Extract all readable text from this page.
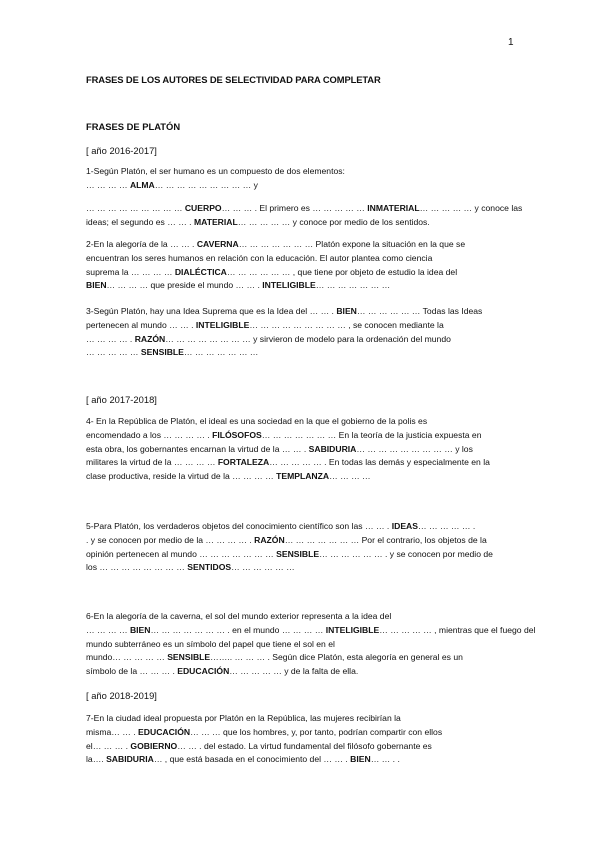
1
FRASES DE LOS AUTORES DE SELECTIVIDAD PARA COMPLETAR
FRASES DE PLATÓN
[ año 2016-2017]
[ año 2017-2018]
[ año 2018-2019]

1-Según Platón, el ser humano es un compuesto de dos elementos:

… … … … ALMA… … … … … … … … … y

… … … … … … … … … CUERPO… … … . El primero es … … … … … INMATERIAL… … … … … y conoce las

ideas; el segundo es … … . MATERIAL… … … … … y conoce por medio de los sentidos.

2-En la alegoría de la … … . CAVERNA… … … … … … … Platón expone la situación en la que se

encuentran los seres humanos en relación con la educación. El autor plantea como ciencia

suprema la … … … … DIALÉCTICA… … … … … … , que tiene por objeto de estudio la idea del

BIEN… … … … que preside el mundo … … . INTELIGIBLE… … … … … … …

3-Según Platón, hay una Idea Suprema que es la Idea del … … . BIEN… … … … … … Todas las Ideas

pertenecen al mundo … … . INTELIGIBLE… … … … … … … … … , se conocen mediante la

… … … … . RAZÓN… … … … … … … … y sirvieron de modelo para la ordenación del mundo

… … … … … SENSIBLE… … … … … … …

4- En la República de Platón, el ideal es una sociedad en la que el gobierno de la polis es

encomendado a los … … … … . FILÓSOFOS… … … … … … … En la teoría de la justicia expuesta en

esta obra, los gobernantes encarnan la virtud de la … … . SABIDURIA… … … … … … … … … y los

militares la virtud de la … … … … FORTALEZA… … … … … . En todas las demás y especialmente en la

clase productiva, reside la virtud de la … … … … TEMPLANZA… … … …

5-Para Platón, los verdaderos objetos del conocimiento científico son las … … . IDEAS… … … … … .

. y se conocen por medio de la … … … … . RAZÓN… … … … … … … Por el contrario, los objetos de la

opinión pertenecen al mundo … … … … … … … SENSIBLE… … … … … … . y se conocen por medio de

los … … … … … … … … SENTIDOS… … … … … …

6-En la alegoría de la caverna, el sol del mundo exterior representa a la idea del

… … … … BIEN… … … … … … … . en el mundo … … … … INTELIGIBLE… … … … … , mientras que el fuego del

mundo subterráneo es un símbolo del papel que tiene el sol en el

mundo… … … … … SENSIBLE…….. … … … . Según dice Platón, esta alegoría en general es un

símbolo de la … … … . EDUCACIÓN… … … … … y de la falta de ella.

7-En la ciudad ideal propuesta por Platón en la República, las mujeres recibirían la

misma… … . EDUCACIÓN… … … que los hombres, y, por tanto, podrían compartir con ellos

el… … … . GOBIERNO… … . del estado. La virtud fundamental del filósofo gobernante es

la…. SABIDURIA… , que está basada en el conocimiento del … … . BIEN… … . .
